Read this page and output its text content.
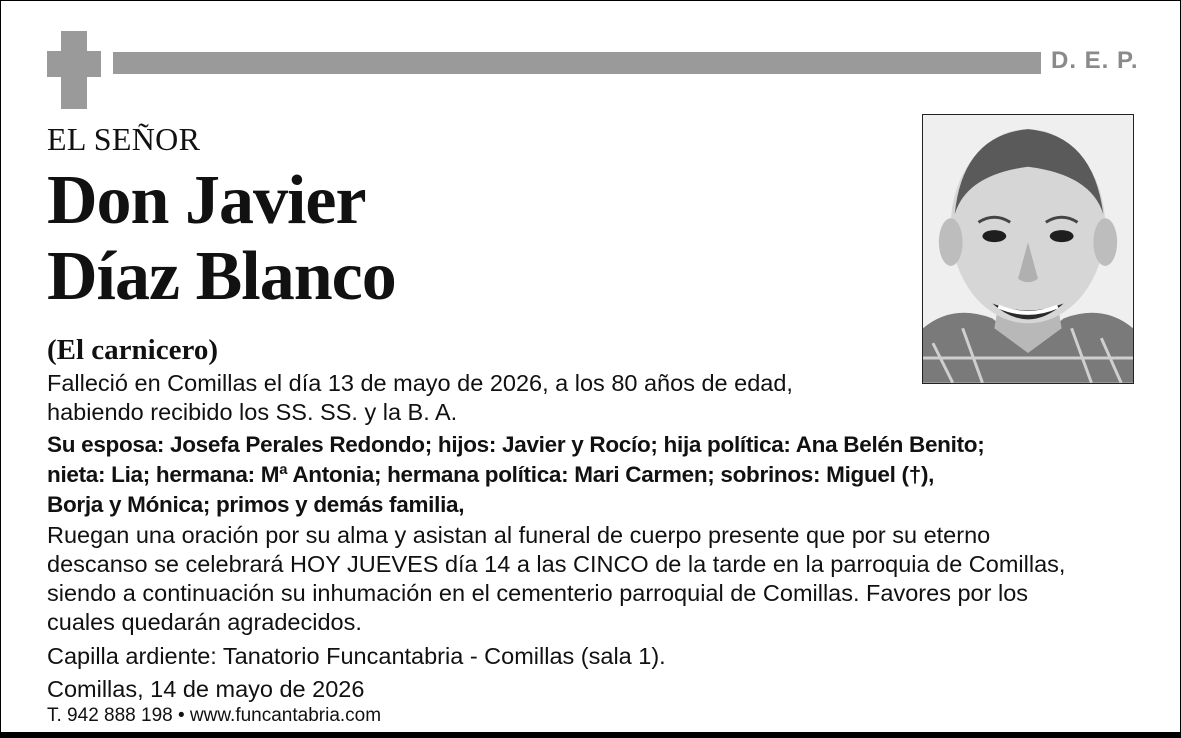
D. E. P.
EL SEÑOR
Don Javier
Díaz Blanco
(El carnicero)
Falleció en Comillas el día 13 de mayo de 2026, a los 80 años de edad,
habiendo recibido los SS. SS. y la B. A.
Su esposa: Josefa Perales Redondo; hijos: Javier y Rocío; hija política: Ana Belén Benito;
nieta: Lia; hermana: Mª Antonia; hermana política: Mari Carmen; sobrinos: Miguel (†),
Borja y Mónica; primos y demás familia,
Ruegan una oración por su alma y asistan al funeral de cuerpo presente que por su eterno
descanso se celebrará HOY JUEVES día 14 a las CINCO de la tarde en la parroquia de Comillas,
siendo a continuación su inhumación en el cementerio parroquial de Comillas. Favores por los
cuales quedarán agradecidos.
Capilla ardiente: Tanatorio Funcantabria - Comillas (sala 1).
Comillas, 14 de mayo de 2026
T. 942 888 198 • www.funcantabria.com
